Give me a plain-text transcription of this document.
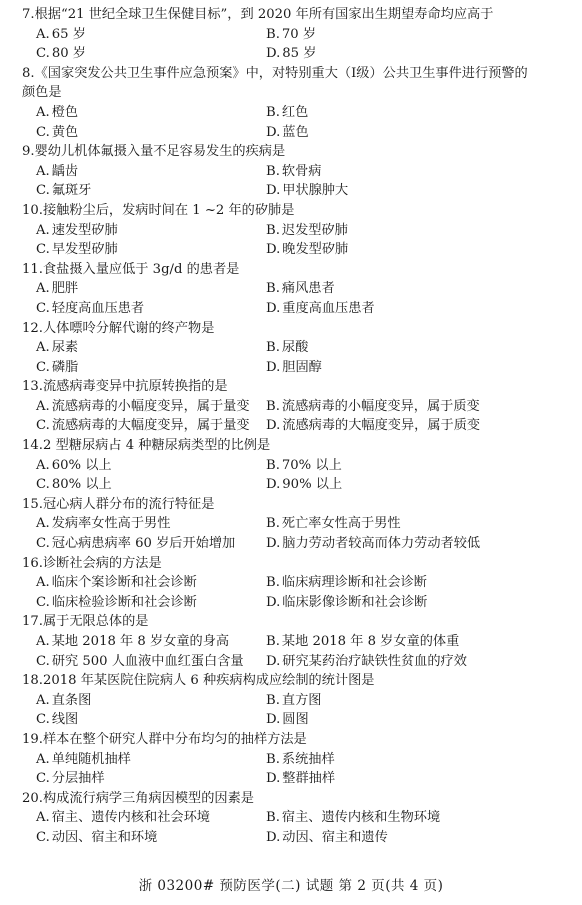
7.根据“21 世纪全球卫生保健目标”，到 2020 年所有国家出生期望寿命均应高于
A. 65 岁	B. 70 岁
C. 80 岁	D. 85 岁
8.《国家突发公共卫生事件应急预案》中，对特别重大（Ⅰ级）公共卫生事件进行预警的
颜色是
A. 橙色	B. 红色
C. 黄色	D. 蓝色
9.婴幼儿机体氟摄入量不足容易发生的疾病是
A. 龋齿	B. 软骨病
C. 氟斑牙	D. 甲状腺肿大
10.接触粉尘后，发病时间在 1 ~2 年的矽肺是
A. 速发型矽肺	B. 迟发型矽肺
C. 早发型矽肺	D. 晚发型矽肺
11.食盐摄入量应低于 3g/d 的患者是
A. 肥胖	B. 痛风患者
C. 轻度高血压患者	D. 重度高血压患者
12.人体嘌呤分解代谢的终产物是
A. 尿素	B. 尿酸
C. 磷脂	D. 胆固醇
13.流感病毒变异中抗原转换指的是
A. 流感病毒的小幅度变异，属于量变	B. 流感病毒的小幅度变异，属于质变
C. 流感病毒的大幅度变异，属于量变	D. 流感病毒的大幅度变异，属于质变
14.2 型糖尿病占 4 种糖尿病类型的比例是
A. 60% 以上	B. 70% 以上
C. 80% 以上	D. 90% 以上
15.冠心病人群分布的流行特征是
A. 发病率女性高于男性	B. 死亡率女性高于男性
C. 冠心病患病率 60 岁后开始增加	D. 脑力劳动者较高而体力劳动者较低
16.诊断社会病的方法是
A. 临床个案诊断和社会诊断	B. 临床病理诊断和社会诊断
C. 临床检验诊断和社会诊断	D. 临床影像诊断和社会诊断
17.属于无限总体的是
A. 某地 2018 年 8 岁女童的身高	B. 某地 2018 年 8 岁女童的体重
C. 研究 500 人血液中血红蛋白含量	D. 研究某药治疗缺铁性贫血的疗效
18.2018 年某医院住院病人 6 种疾病构成应绘制的统计图是
A. 直条图	B. 直方图
C. 线图	D. 圆图
19.样本在整个研究人群中分布均匀的抽样方法是
A. 单纯随机抽样	B. 系统抽样
C. 分层抽样	D. 整群抽样
20.构成流行病学三角病因模型的因素是
A. 宿主、遗传内核和社会环境	B. 宿主、遗传内核和生物环境
C. 动因、宿主和环境	D. 动因、宿主和遗传
浙 03200# 预防医学(二) 试题 第 2 页(共 4 页)
